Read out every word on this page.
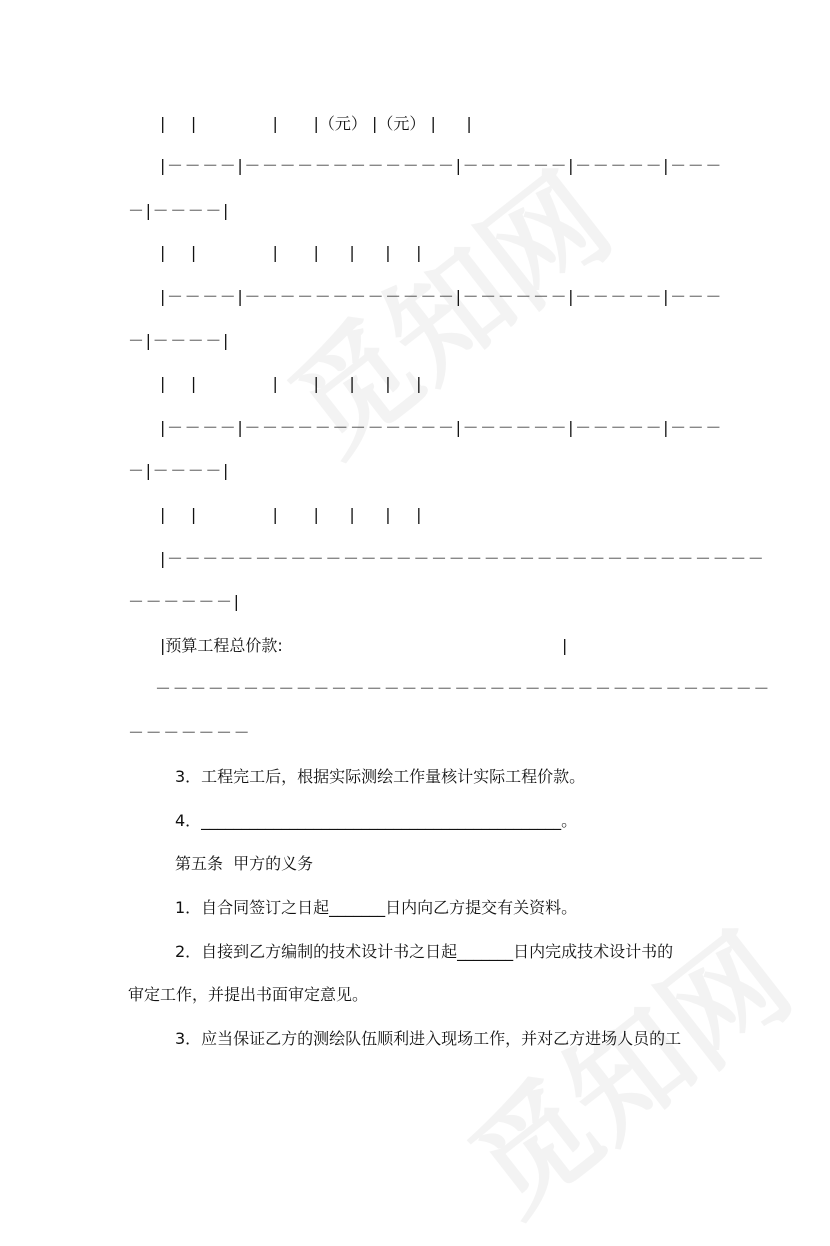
|     |               |       |（元） |（元） |      |
|－－－－|－－－－－－－－－－－－|－－－－－－|－－－－－|－－－
－|－－－－|
|     |               |       |      |      |     |
|－－－－|－－－－－－－－－－－－|－－－－－－|－－－－－|－－－
－|－－－－|
|     |               |       |      |      |     |
|－－－－|－－－－－－－－－－－－|－－－－－－|－－－－－|－－－
－|－－－－|
|     |               |       |      |      |     |
|－－－－－－－－－－－－－－－－－－－－－－－－－－－－－－－－－－
－－－－－－|
|预算工程总价款:	|
－－－－－－－－－－－－－－－－－－－－－－－－－－－－－－－－－－－
－－－－－－－
3．工程完工后，根据实际测绘工作量核计实际工程价款。
4．_____________________________________________。
第五条  甲方的义务
1．自合同签订之日起_______日内向乙方提交有关资料。
2．自接到乙方编制的技术设计书之日起_______日内完成技术设计书的
审定工作，并提出书面审定意见。
3．应当保证乙方的测绘队伍顺利进入现场工作，并对乙方进场人员的工
